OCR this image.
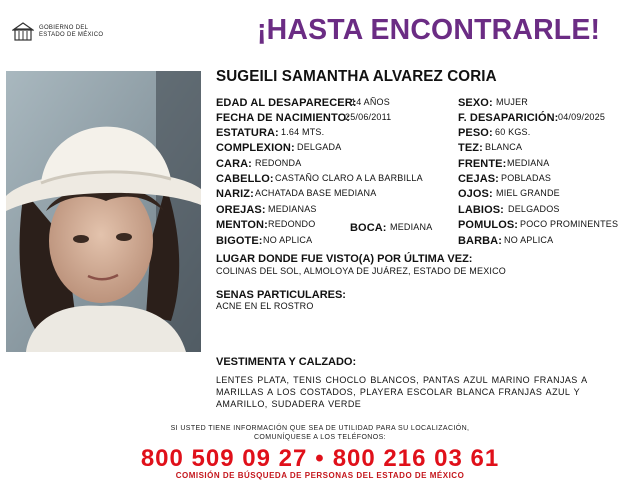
GOBIERNO DEL
ESTADO DE MÉXICO	¡HASTA ENCONTRARLE!
SUGEILI SAMANTHA ALVAREZ CORIA
EDAD AL DESAPARECER:
14 AÑOS
FECHA DE NACIMIENTO:
25/06/2011
ESTATURA: 1.64 MTS.
COMPLEXION: DELGADA
CARA: REDONDA
CABELLO: CASTAÑO CLARO A LA BARBILLA
NARIZ: ACHATADA BASE MEDIANA
OREJAS: MEDIANAS
MENTON: REDONDO	BOCA: MEDIANA
BIGOTE: NO APLICA
SEXO: MUJER
F. DESAPARICIÓN: 04/09/2025
PESO: 60 KGS.
TEZ: BLANCA
FRENTE: MEDIANA
CEJAS: POBLADAS
OJOS: MIEL GRANDE
LABIOS: DELGADOS
POMULOS: POCO PROMINENTES
BARBA: NO APLICA
LUGAR DONDE FUE VISTO(A) POR ÚLTIMA VEZ:
COLINAS DEL SOL, ALMOLOYA DE JUÁREZ, ESTADO DE MEXICO
SENAS PARTICULARES:
ACNE EN EL ROSTRO
VESTIMENTA Y CALZADO:
LENTES PLATA, TENIS CHOCLO BLANCOS, PANTAS AZUL MARINO FRANJAS A MARILLAS A LOS COSTADOS, PLAYERA ESCOLAR BLANCA FRANJAS AZUL Y AMARILLO, SUDADERA VERDE
SI USTED TIENE INFORMACIÓN QUE SEA DE UTILIDAD PARA SU LOCALIZACIÓN,
COMUNÍQUESE A LOS TELÉFONOS:
800 509 09 27 • 800 216 03 61
COMISIÓN DE BÚSQUEDA DE PERSONAS DEL ESTADO DE MÉXICO
